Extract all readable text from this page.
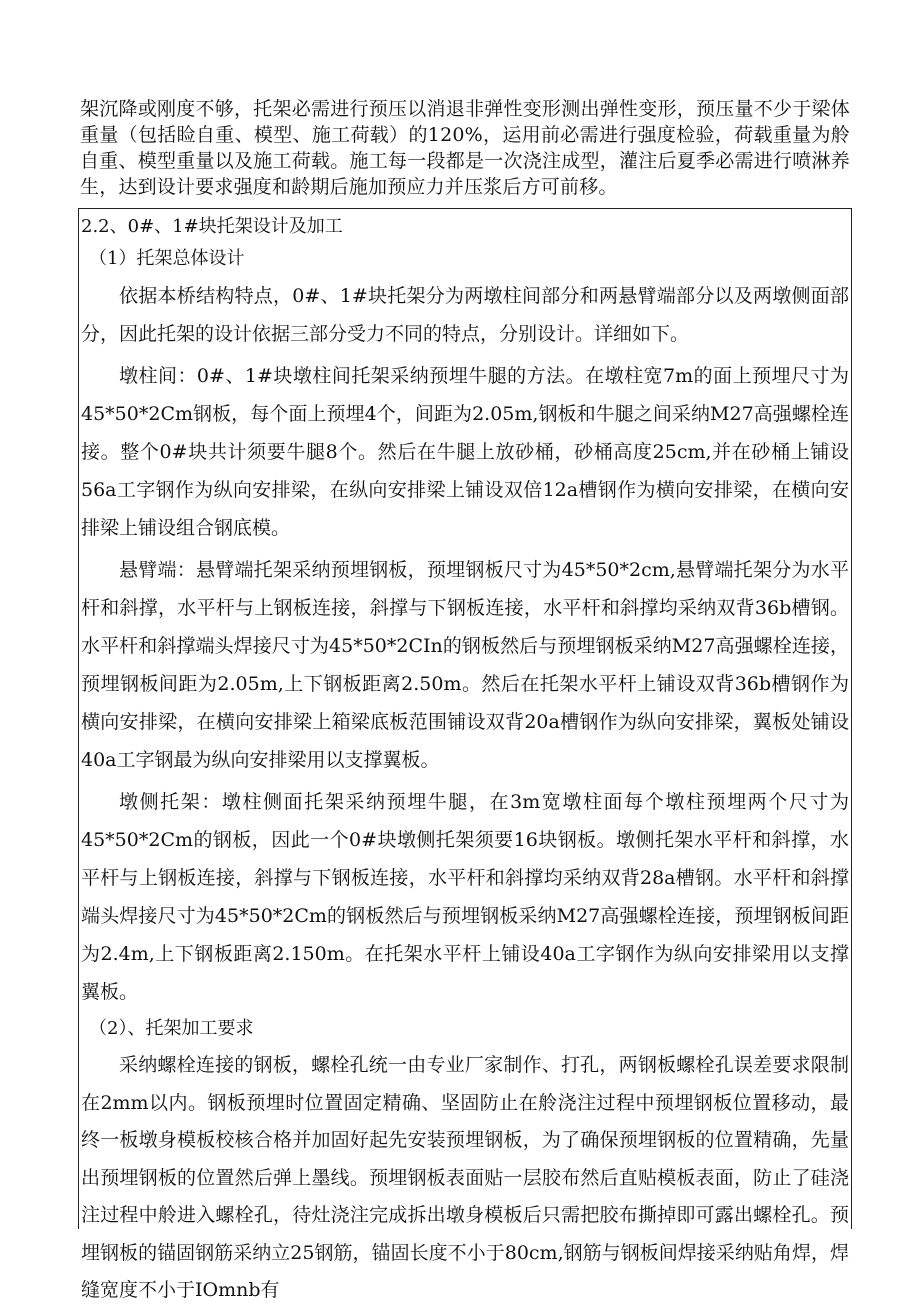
架沉降或刚度不够，托架必需进行预压以消退非弹性变形测出弹性变形，预压量不少于梁体重量（包括睑自重、模型、施工荷载）的120%，运用前必需进行强度检验，荷载重量为舲自重、模型重量以及施工荷载。施工每一段都是一次浇注成型，灌注后夏季必需进行喷淋养生，达到设计要求强度和龄期后施加预应力并压浆后方可前移。
2.2、0#、1#块托架设计及加工
（1）托架总体设计

依据本桥结构特点，0#、1#块托架分为两墩柱间部分和两悬臂端部分以及两墩侧面部分，因此托架的设计依据三部分受力不同的特点，分别设计。详细如下。

墩柱间：0#、1#块墩柱间托架采纳预埋牛腿的方法。在墩柱宽7m的面上预埋尺寸为45*50*2Cm钢板，每个面上预埋4个，间距为2.05m,钢板和牛腿之间采纳M27高强螺栓连接。整个0#块共计须要牛腿8个。然后在牛腿上放砂桶，砂桶高度25cm,并在砂桶上铺设56a工字钢作为纵向安排梁，在纵向安排梁上铺设双倍12a槽钢作为横向安排梁，在横向安排梁上铺设组合钢底模。

悬臂端：悬臂端托架采纳预埋钢板，预埋钢板尺寸为45*50*2cm,悬臂端托架分为水平杆和斜撑，水平杆与上钢板连接，斜撑与下钢板连接，水平杆和斜撑均采纳双背36b槽钢。水平杆和斜撑端头焊接尺寸为45*50*2CIn的钢板然后与预埋钢板采纳M27高强螺栓连接，预埋钢板间距为2.05m,上下钢板距离2.50m。然后在托架水平杆上铺设双背36b槽钢作为横向安排梁，在横向安排梁上箱梁底板范围铺设双背20a槽钢作为纵向安排梁，翼板处铺设40a工字钢最为纵向安排梁用以支撑翼板。

墩侧托架：墩柱侧面托架采纳预埋牛腿，在3m宽墩柱面每个墩柱预埋两个尺寸为45*50*2Cm的钢板，因此一个0#块墩侧托架须要16块钢板。墩侧托架水平杆和斜撑，水平杆与上钢板连接，斜撑与下钢板连接，水平杆和斜撑均采纳双背28a槽钢。水平杆和斜撑端头焊接尺寸为45*50*2Cm的钢板然后与预埋钢板采纳M27高强螺栓连接，预埋钢板间距为2.4m,上下钢板距离2.150m。在托架水平杆上铺设40a工字钢作为纵向安排梁用以支撑翼板。

（2）、托架加工要求

采纳螺栓连接的钢板，螺栓孔统一由专业厂家制作、打孔，两钢板螺栓孔误差要求限制在2mm以内。钢板预埋时位置固定精确、坚固防止在舲浇注过程中预埋钢板位置移动，最终一板墩身模板校核合格并加固好起先安装预埋钢板，为了确保预埋钢板的位置精确，先量出预埋钢板的位置然后弹上墨线。预埋钢板表面贴一层胶布然后直贴模板表面，防止了硅浇注过程中舲进入螺栓孔，待灶浇注完成拆出墩身模板后只需把胶布撕掉即可露出螺栓孔。预埋钢板的锚固钢筋采纳立25钢筋，锚固长度不小于80cm,钢筋与钢板间焊接采纳贴角焊，焊缝宽度不小于IOmnb有
